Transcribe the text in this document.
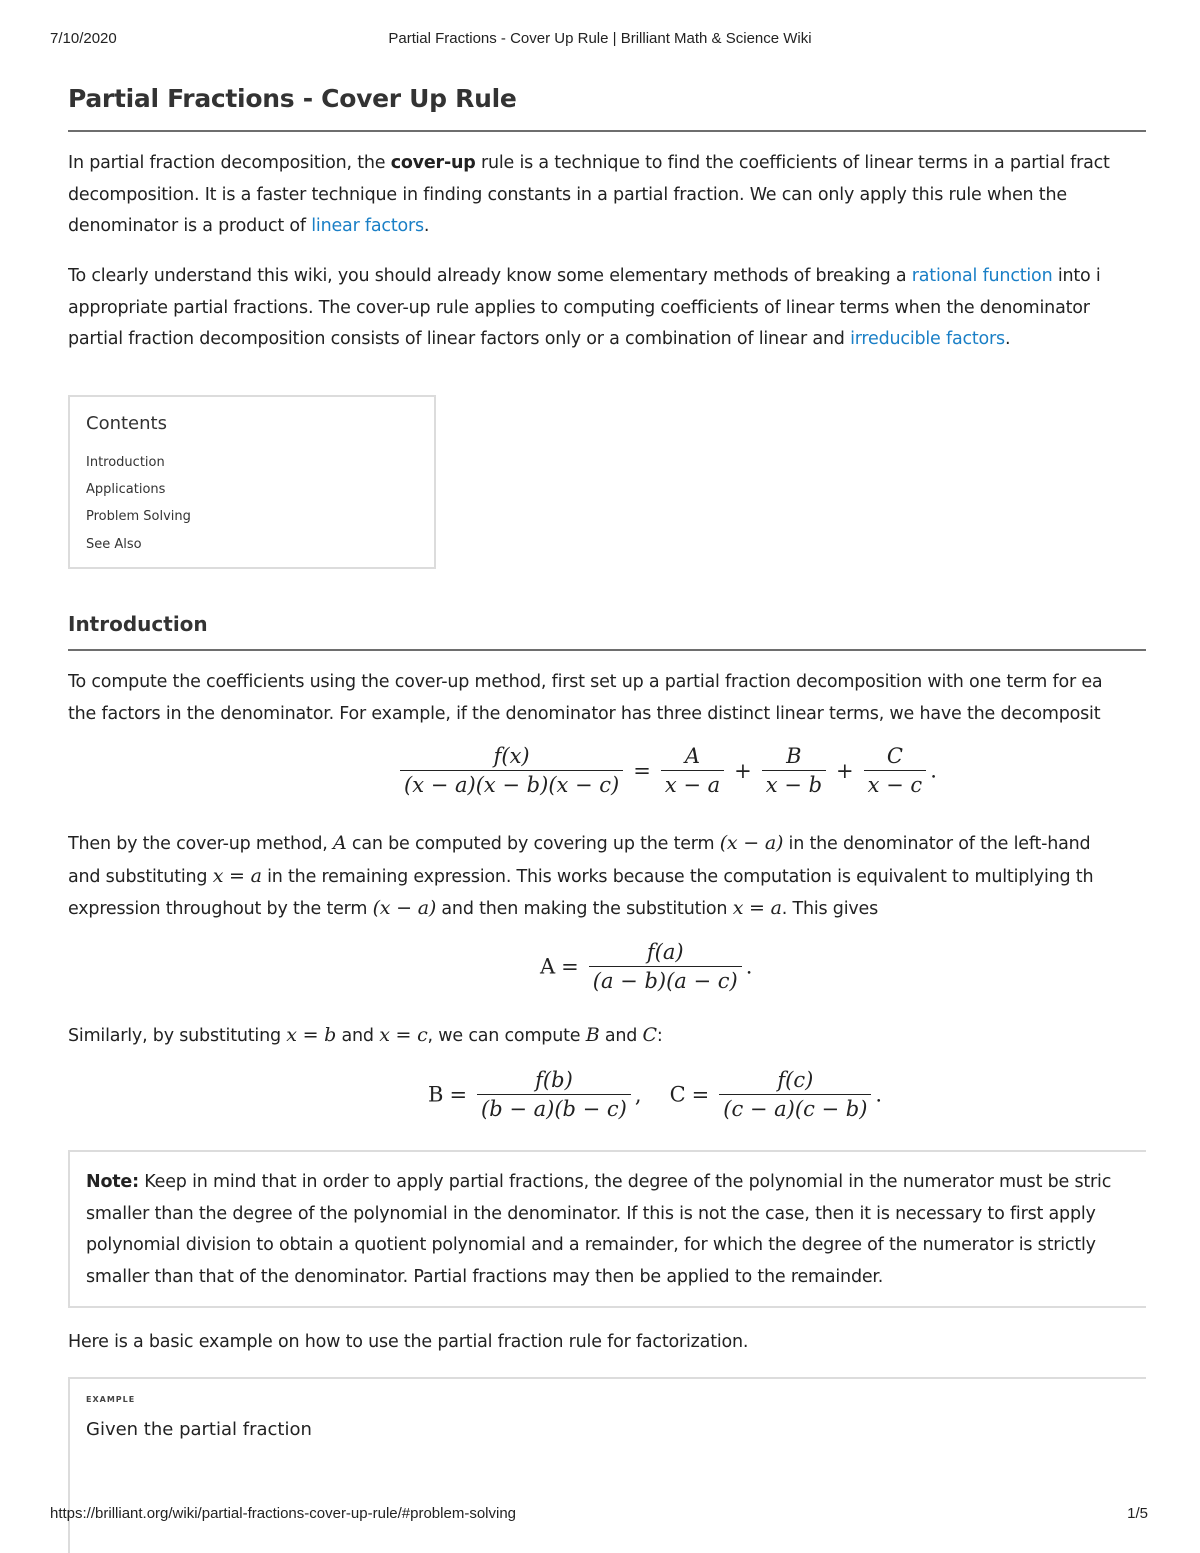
7/10/2020	Partial Fractions - Cover Up Rule | Brilliant Math & Science Wiki
Partial Fractions - Cover Up Rule

In partial fraction decomposition, the cover-up rule is a technique to find the coefficients of linear terms in a partial fract

decomposition. It is a faster technique in finding constants in a partial fraction. We can only apply this rule when the

denominator is a product of linear factors.

To clearly understand this wiki, you should already know some elementary methods of breaking a rational function into i

appropriate partial fractions. The cover-up rule applies to computing coefficients of linear terms when the denominator

partial fraction decomposition consists of linear factors only or a combination of linear and irreducible factors.

Contents
Introduction
Applications
Problem Solving
See Also
Introduction

To compute the coefficients using the cover-up method, first set up a partial fraction decomposition with one term for ea

the factors in the denominator. For example, if the denominator has three distinct linear terms, we have the decomposit

$\frac{f(x)}{(x - a)(x - b)(x - c)} = \frac{A}{x - a} + \frac{B}{x - b} + \frac{C}{x - c}$ .

Then by the cover-up method, A can be computed by covering up the term (x − a) in the denominator of the left-hand

and substituting x = a in the remaining expression. This works because the computation is equivalent to multiplying th

expression throughout by the term (x − a) and then making the substitution x = a. This gives

$A = \frac{f(a)}{(a - b)(a - c)}$ .

Similarly, by substituting x = b and x = c, we can compute B and C:

$B = \frac{f(b)}{(b - a)(b - c)}$ , $C = \frac{f(c)}{(c - a)(c - b)}$ .
Note: Keep in mind that in order to apply partial fractions, the degree of the polynomial in the numerator must be stric
smaller than the degree of the polynomial in the denominator. If this is not the case, then it is necessary to first apply
polynomial division to obtain a quotient polynomial and a remainder, for which the degree of the numerator is strictly
smaller than that of the denominator. Partial fractions may then be applied to the remainder.

Here is a basic example on how to use the partial fraction rule for factorization.

EXAMPLE
Given the partial fraction
https://brilliant.org/wiki/partial-fractions-cover-up-rule/#problem-solving	1/5
